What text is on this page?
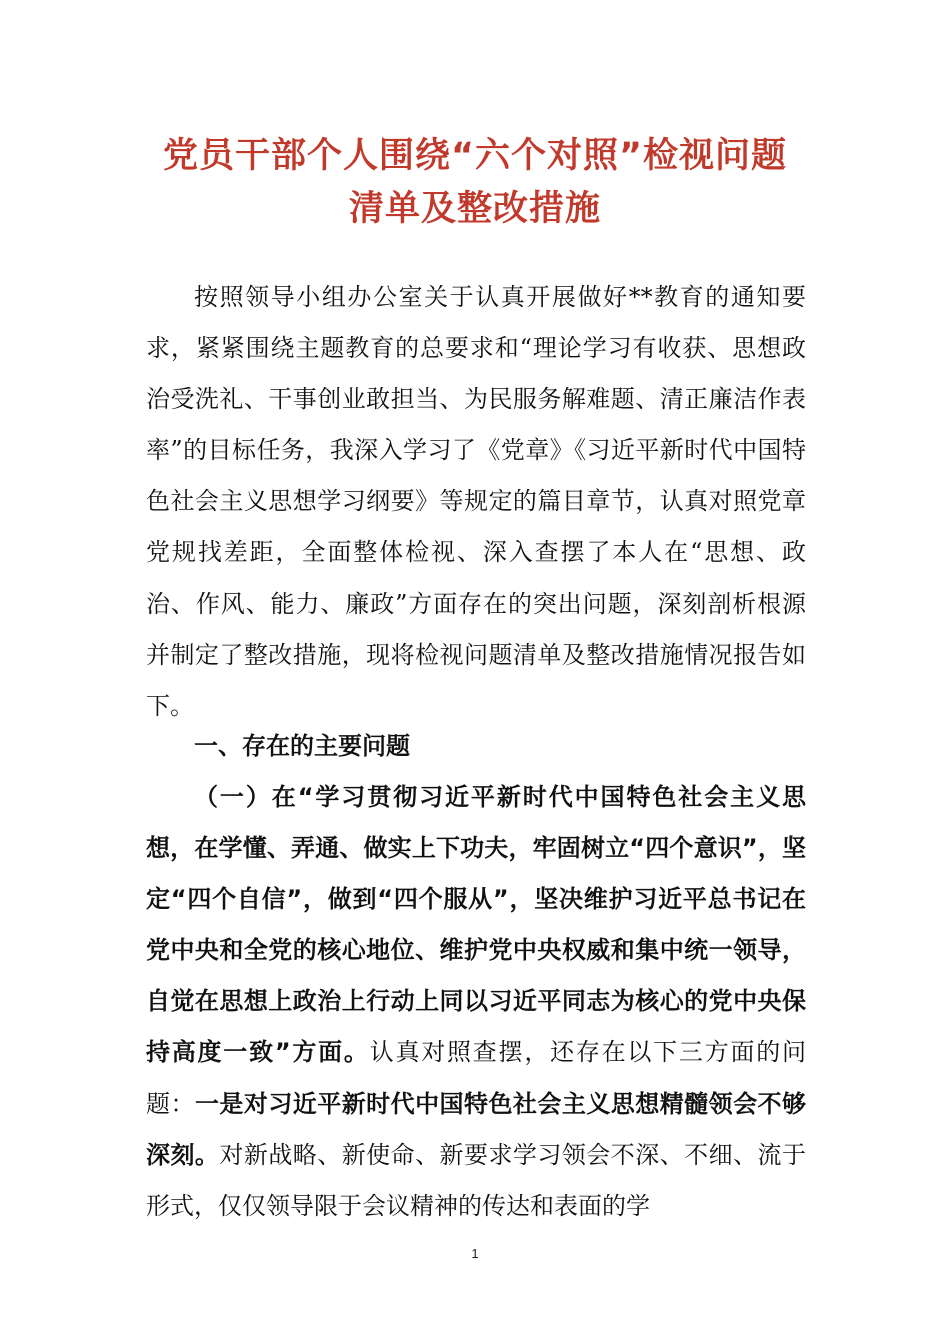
党员干部个人围绕“六个对照”检视问题
清单及整改措施

按照领导小组办公室关于认真开展做好**教育的通知要求，紧紧围绕主题教育的总要求和“理论学习有收获、思想政治受洗礼、干事创业敢担当、为民服务解难题、清正廉洁作表率”的目标任务，我深入学习了《党章》《习近平新时代中国特色社会主义思想学习纲要》等规定的篇目章节，认真对照党章党规找差距，全面整体检视、深入查摆了本人在“思想、政治、作风、能力、廉政”方面存在的突出问题，深刻剖析根源并制定了整改措施，现将检视问题清单及整改措施情况报告如下。

一、存在的主要问题

（一）在“学习贯彻习近平新时代中国特色社会主义思想，在学懂、弄通、做实上下功夫，牢固树立“四个意识”，坚定“四个自信”，做到“四个服从”，坚决维护习近平总书记在党中央和全党的核心地位、维护党中央权威和集中统一领导，自觉在思想上政治上行动上同以习近平同志为核心的党中央保持高度一致”方面。认真对照查摆，还存在以下三方面的问题：一是对习近平新时代中国特色社会主义思想精髓领会不够深刻。对新战略、新使命、新要求学习领会不深、不细、流于形式，仅仅领导限于会议精神的传达和表面的学

1
